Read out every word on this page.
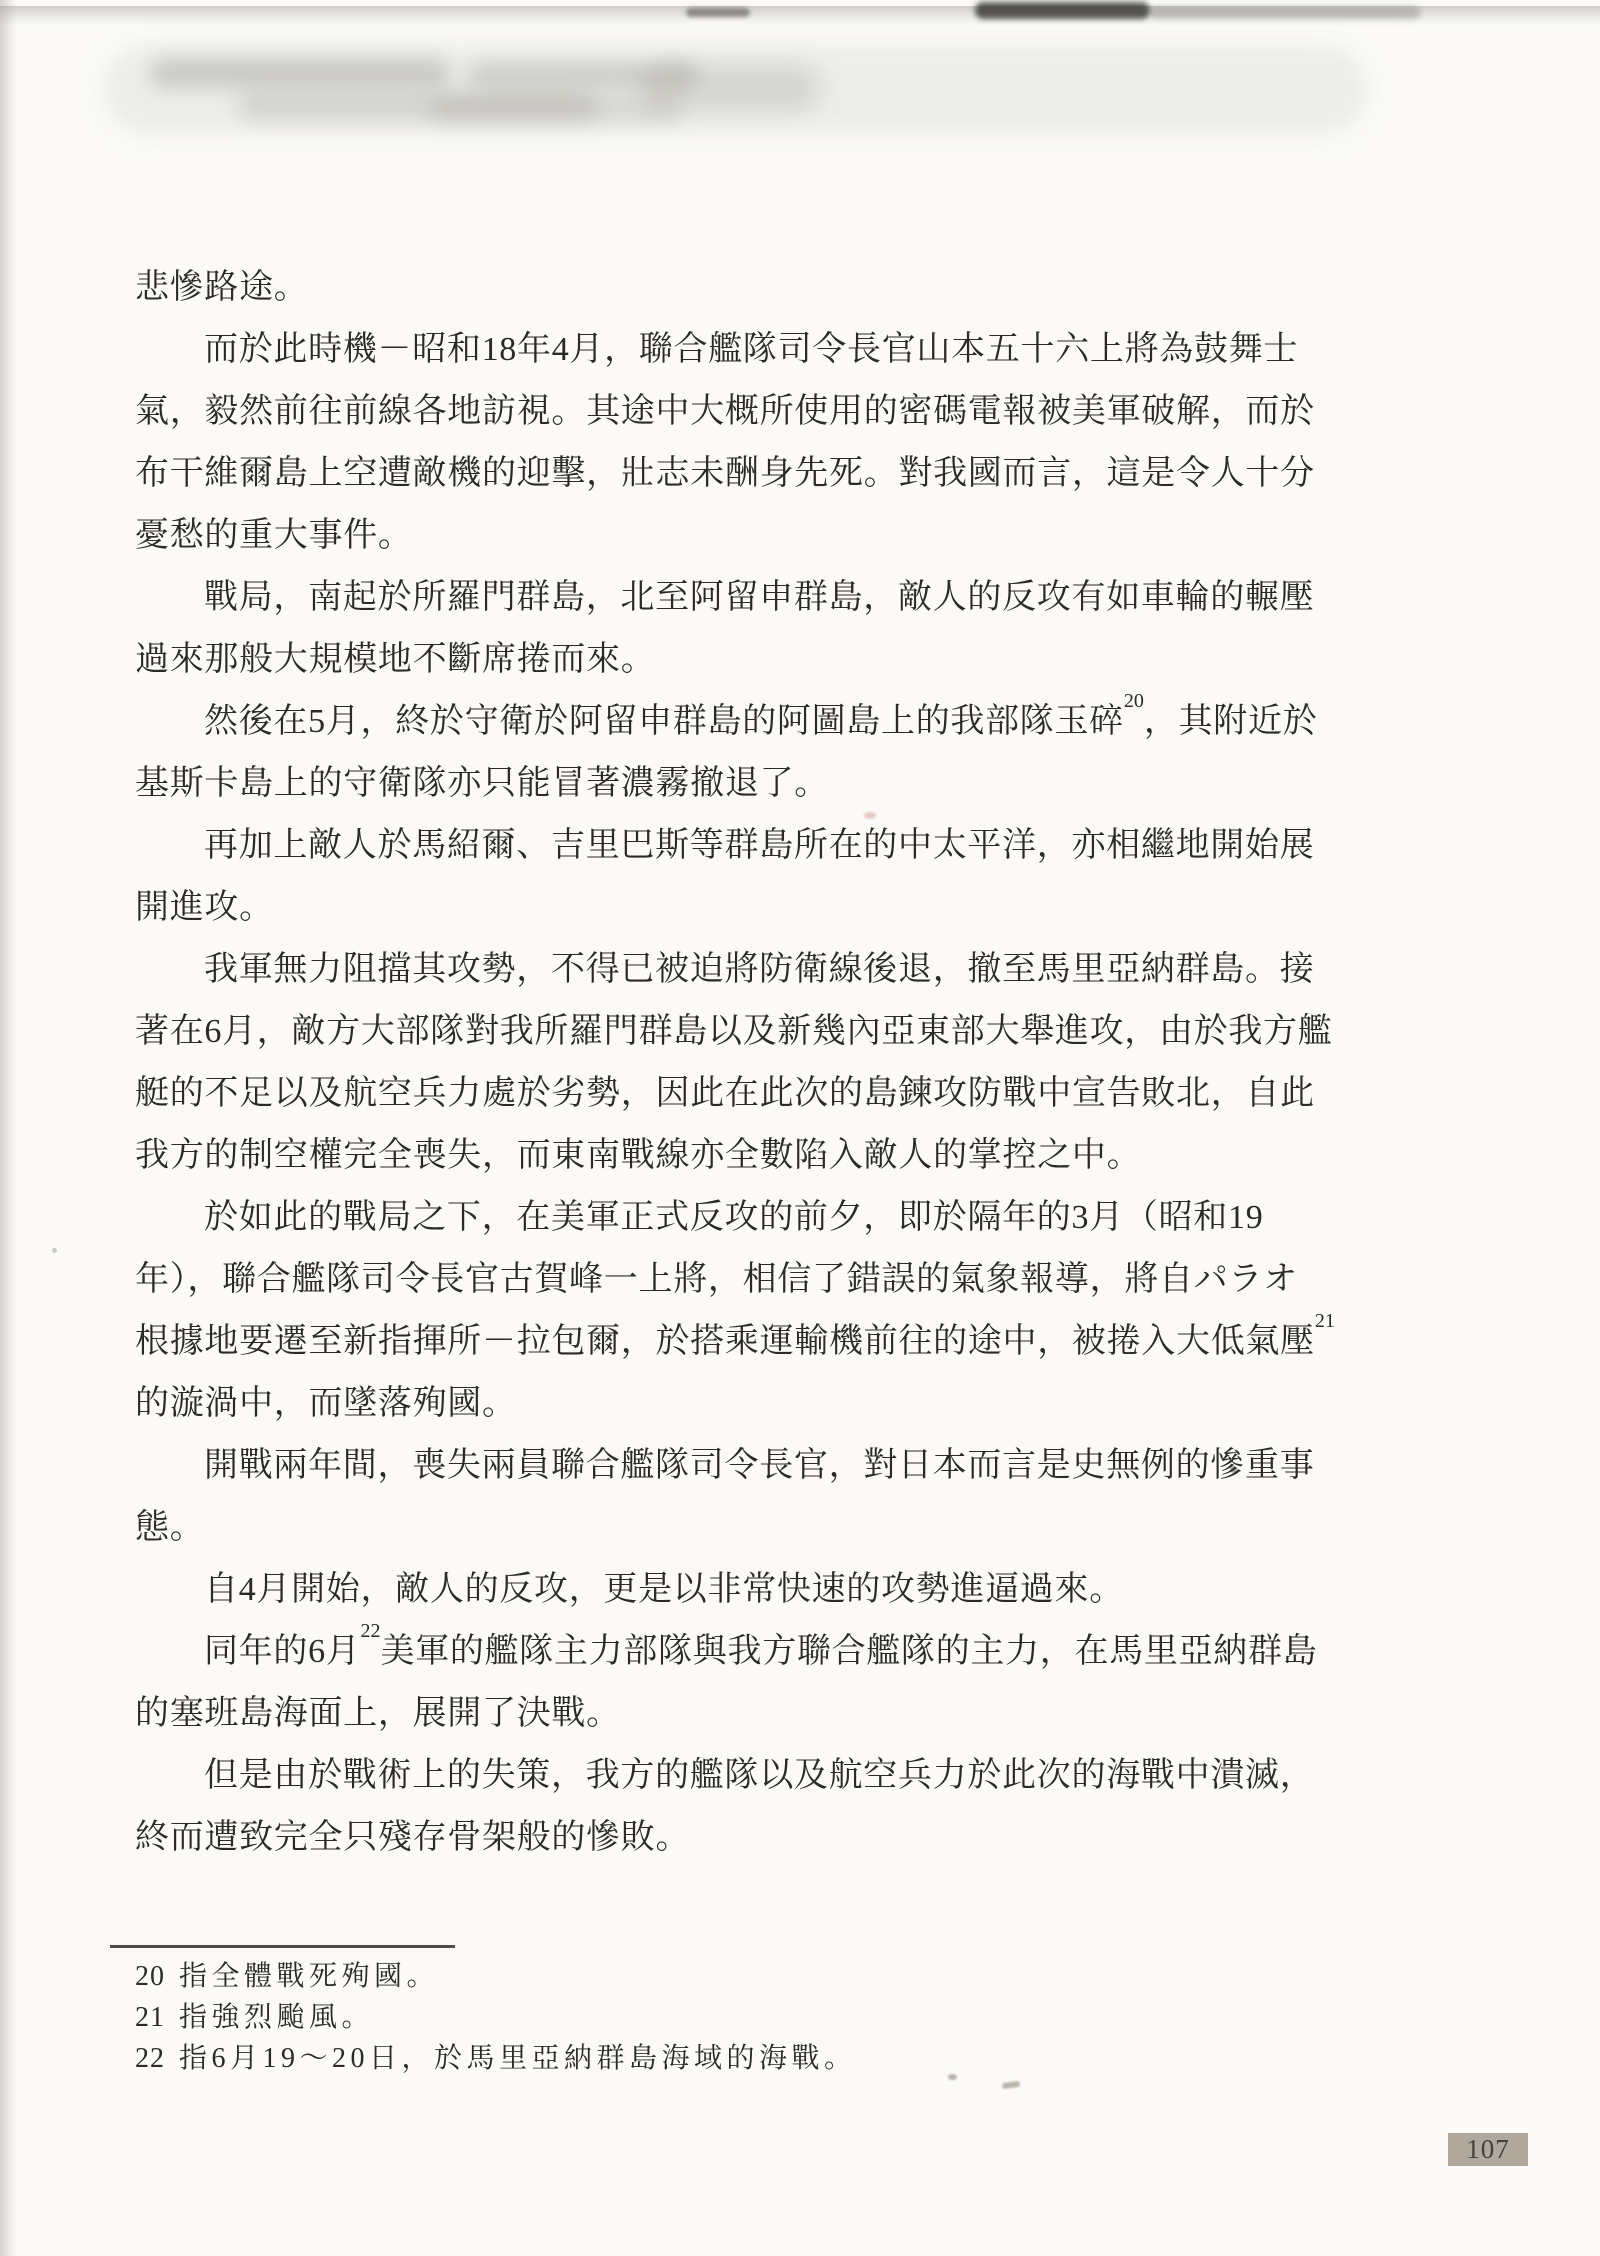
悲慘路途。
而於此時機－昭和18年4月，聯合艦隊司令長官山本五十六上將為鼓舞士
氣，毅然前往前線各地訪視。其途中大概所使用的密碼電報被美軍破解，而於
布干維爾島上空遭敵機的迎擊，壯志未酬身先死。對我國而言，這是令人十分
憂愁的重大事件。
戰局，南起於所羅門群島，北至阿留申群島，敵人的反攻有如車輪的輾壓
過來那般大規模地不斷席捲而來。
然後在5月，終於守衛於阿留申群島的阿圖島上的我部隊玉碎$^{20}$，其附近於
基斯卡島上的守衛隊亦只能冒著濃霧撤退了。
再加上敵人於馬紹爾、吉里巴斯等群島所在的中太平洋，亦相繼地開始展
開進攻。
我軍無力阻擋其攻勢，不得已被迫將防衛線後退，撤至馬里亞納群島。接
著在6月，敵方大部隊對我所羅門群島以及新幾內亞東部大舉進攻，由於我方艦
艇的不足以及航空兵力處於劣勢，因此在此次的島鍊攻防戰中宣告敗北，自此
我方的制空權完全喪失，而東南戰線亦全數陷入敵人的掌控之中。
於如此的戰局之下，在美軍正式反攻的前夕，即於隔年的3月（昭和19
年），聯合艦隊司令長官古賀峰一上將，相信了錯誤的氣象報導，將自パラオ
根據地要遷至新指揮所－拉包爾，於搭乘運輸機前往的途中，被捲入大低氣壓$^{21}$
的漩渦中，而墜落殉國。
開戰兩年間，喪失兩員聯合艦隊司令長官，對日本而言是史無例的慘重事
態。
自4月開始，敵人的反攻，更是以非常快速的攻勢進逼過來。
同年的6月$^{22}$美軍的艦隊主力部隊與我方聯合艦隊的主力，在馬里亞納群島
的塞班島海面上，展開了決戰。
但是由於戰術上的失策，我方的艦隊以及航空兵力於此次的海戰中潰滅，
終而遭致完全只殘存骨架般的慘敗。
20 指全體戰死殉國。
21 指強烈颱風。
22 指6月19～20日，於馬里亞納群島海域的海戰。
107
